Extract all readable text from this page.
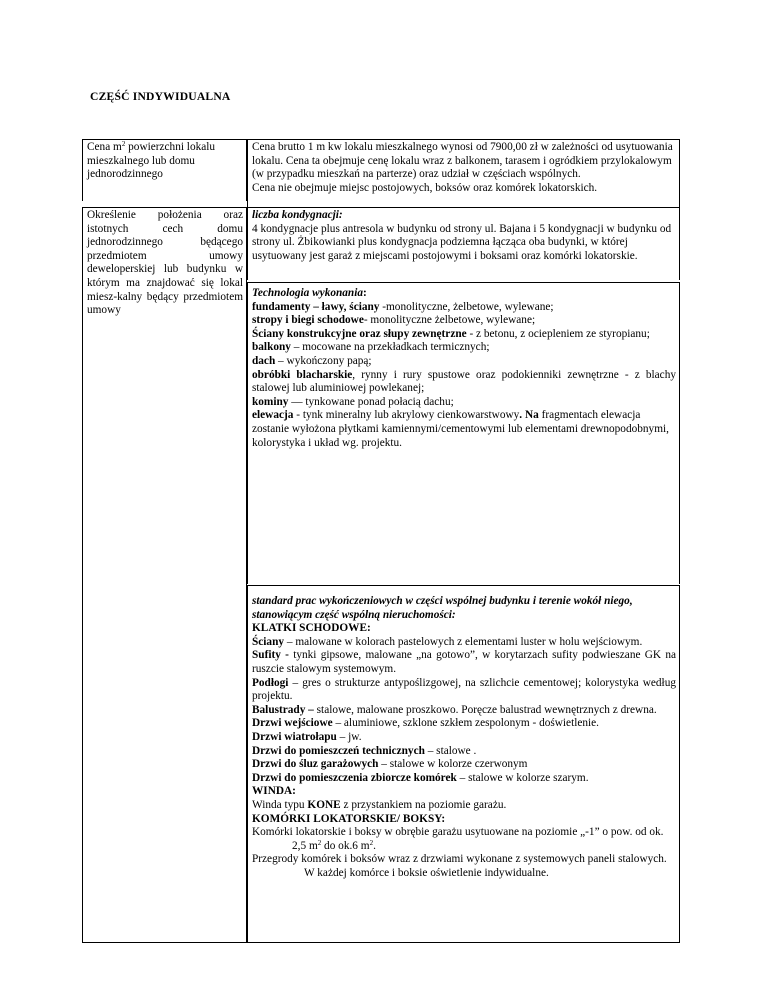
CZĘŚĆ INDYWIDUALNA
Cena $m^2$ powierzchni lokalu mieszkalnego lub domu jednorodzinnego
Określenie położenia oraz istotnych cech domu jednorodzinnego będącego przedmiotem umowy deweloperskiej lub budynku w którym ma znajdować się lokal miesz-kalny będący przedmiotem umowy

Cena brutto 1 m kw lokalu mieszkalnego wynosi od 7900,00 zł w zależności od usytuowania lokalu. Cena ta obejmuje cenę lokalu wraz z balkonem, tarasem i ogródkiem przylokalowym (w przypadku mieszkań na parterze) oraz udział w częściach wspólnych.

Cena nie obejmuje miejsc postojowych, boksów oraz komórek lokatorskich.

liczba kondygnacji:

4 kondygnacje plus antresola w budynku od strony ul. Bajana i 5 kondygnacji w budynku od strony ul. Żbikowianki plus kondygnacja podziemna łącząca oba budynki, w której usytuowany jest garaż z miejscami postojowymi i boksami oraz komórki lokatorskie.

Technologia wykonania:

fundamenty – ławy, ściany -monolityczne, żelbetowe, wylewane;

stropy i biegi schodowe- monolityczne żelbetowe, wylewane;

Ściany konstrukcyjne oraz słupy zewnętrzne - z betonu, z ociepleniem ze styropianu;

balkony – mocowane na przekładkach termicznych;

dach – wykończony papą;

obróbki blacharskie, rynny i rury spustowe oraz podokienniki zewnętrzne - z blachy stalowej lub aluminiowej powlekanej;

kominy — tynkowane ponad połacią dachu;

elewacja - tynk mineralny lub akrylowy cienkowarstwowy. Na fragmentach elewacja zostanie wyłożona płytkami kamiennymi/cementowymi lub elementami drewnopodobnymi, kolorystyka i układ wg. projektu.

standard prac wykończeniowych w części wspólnej budynku i terenie wokół niego, stanowiącym część wspólną nieruchomości:

KLATKI SCHODOWE:

Ściany – malowane w kolorach pastelowych z elementami luster w holu wejściowym.

Sufity - tynki gipsowe, malowane „na gotowo”, w korytarzach sufity podwieszane GK na ruszcie stalowym systemowym.

Podłogi – gres o strukturze antypoślizgowej, na szlichcie cementowej; kolorystyka według projektu.

Balustrady – stalowe, malowane proszkowo. Poręcze balustrad wewnętrznych z drewna.

Drzwi wejściowe – aluminiowe, szklone szkłem zespolonym - doświetlenie.

Drzwi wiatrołapu – jw.

Drzwi do pomieszczeń technicznych – stalowe .

Drzwi do śluz garażowych – stalowe w kolorze czerwonym

Drzwi do pomieszczenia zbiorcze komórek – stalowe w kolorze szarym.

WINDA:

Winda typu KONE z przystankiem na poziomie garażu.

KOMÓRKI LOKATORSKIE/ BOKSY:

Komórki lokatorskie i boksy w obrębie garażu usytuowane na poziomie „-1” o pow. od ok. 2,5 $m^2$ do ok.6 $m^2$.

Przegrody komórek i boksów wraz z drzwiami wykonane z systemowych paneli stalowych. W każdej komórce i boksie oświetlenie indywidualne.
